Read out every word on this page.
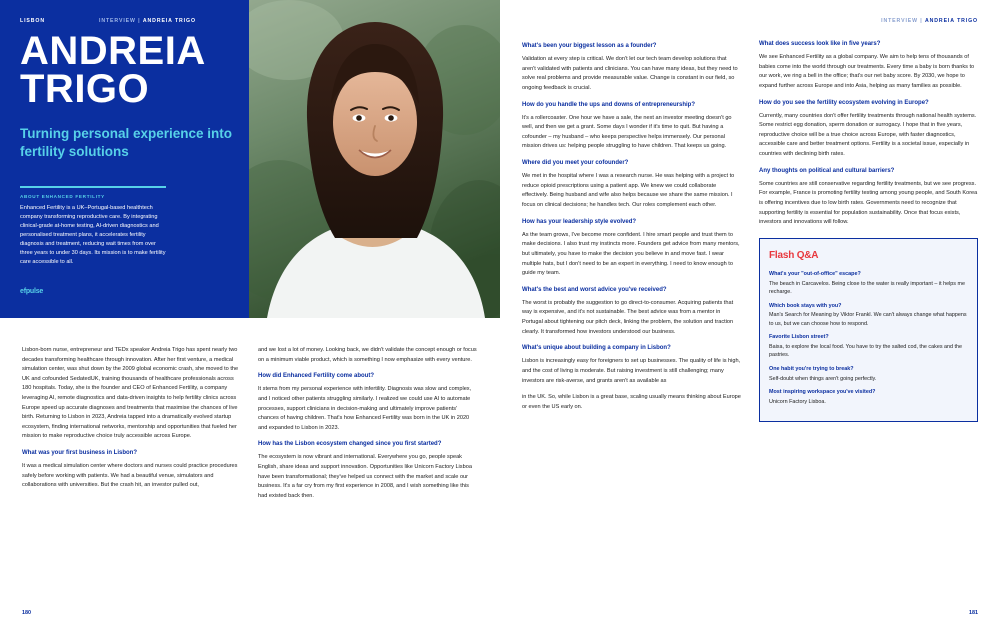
LISBON	INTERVIEW | ANDREIA TRIGO
ANDREIA
TRIGO
Turning personal experience into fertility solutions
ABOUT ENHANCED FERTILITY
Enhanced Fertility is a UK–Portugal-based healthtech company transforming reproductive care. By integrating clinical-grade at-home testing, AI-driven diagnostics and personalised treatment plans, it accelerates fertility diagnosis and treatment, reducing wait times from over three years to under 30 days. Its mission is to make fertility care accessible to all.
efpulse
Andreia Trigo, founder and CEO at Enhanced Fertility

Lisbon-born nurse, entrepreneur and TEDx speaker Andreia Trigo has spent nearly two decades transforming healthcare through innovation. After her first venture, a medical simulation center, was shut down by the 2009 global economic crash, she moved to the UK and cofounded SedatedUK, training thousands of healthcare professionals across 180 hospitals. Today, she is the founder and CEO of Enhanced Fertility, a company leveraging AI, remote diagnostics and data-driven insights to help fertility clinics across Europe speed up accurate diagnoses and treatments that maximise the chances of live birth. Returning to Lisbon in 2023, Andreia tapped into a dramatically evolved startup ecosystem, finding international networks, mentorship and opportunities that fueled her mission to make reproductive choice truly accessible across Europe.

What was your first business in Lisbon?

It was a medical simulation center where doctors and nurses could practice procedures safely before working with patients. We had a beautiful venue, simulators and collaborations with universities. But the crash hit, an investor pulled out,

and we lost a lot of money. Looking back, we didn't validate the concept enough or focus on a minimum viable product, which is something I now emphasize with every venture.

How did Enhanced Fertility come about?

It stems from my personal experience with infertility. Diagnosis was slow and complex, and I noticed other patients struggling similarly. I realized we could use AI to automate processes, support clinicians in decision-making and ultimately improve patients' chances of having children. That's how Enhanced Fertility was born in the UK in 2020 and expanded to Lisbon in 2023.

How has the Lisbon ecosystem changed since you first started?

The ecosystem is now vibrant and international. Everywhere you go, people speak English, share ideas and support innovation. Opportunities like Unicorn Factory Lisboa have been transformational; they've helped us connect with the market and scale our business. It's a far cry from my first experience in 2008, and I wish something like this had existed back then.

180
INTERVIEW | ANDREIA TRIGO
What's been your biggest lesson as a founder?

Validation at every step is critical. We don't let our tech team develop solutions that aren't validated with patients and clinicians. You can have many ideas, but they need to solve real problems and provide measurable value. Change is constant in our field, so ongoing feedback is crucial.

How do you handle the ups and downs of entrepreneurship?

It's a rollercoaster. One hour we have a sale, the next an investor meeting doesn't go well, and then we get a grant. Some days I wonder if it's time to quit. But having a cofounder – my husband – who keeps perspective helps immensely. Our personal mission drives us: helping people struggling to have children. That keeps us going.

Where did you meet your cofounder?

We met in the hospital where I was a research nurse. He was helping with a project to reduce opioid prescriptions using a patient app. We knew we could collaborate effectively. Being husband and wife also helps because we share the same mission. I focus on clinical decisions; he handles tech. Our roles complement each other.

How has your leadership style evolved?

As the team grows, I've become more confident. I hire smart people and trust them to make decisions. I also trust my instincts more. Founders get advice from many mentors, but ultimately, you have to make the decision you believe in and move fast. I wear multiple hats, but I don't need to be an expert in everything. I need to know enough to guide my team.

What's the best and worst advice you've received?

The worst is probably the suggestion to go direct-to-consumer. Acquiring patients that way is expensive, and it's not sustainable. The best advice was from a mentor in Portugal about tightening our pitch deck, linking the problem, the solution and traction clearly. It transformed how investors understood our business.

What's unique about building a company in Lisbon?

Lisbon is increasingly easy for foreigners to set up businesses. The quality of life is high, and the cost of living is moderate. But raising investment is still challenging; many investors are risk-averse, and grants aren't as available as

in the UK. So, while Lisbon is a great base, scaling usually means thinking about Europe or even the US early on.

What does success look like in five years?

We see Enhanced Fertility as a global company. We aim to help tens of thousands of babies come into the world through our treatments. Every time a baby is born thanks to our work, we ring a bell in the office; that's our net baby score. By 2030, we hope to expand further across Europe and into Asia, helping as many families as possible.

How do you see the fertility ecosystem evolving in Europe?

Currently, many countries don't offer fertility treatments through national health systems. Some restrict egg donation, sperm donation or surrogacy. I hope that in five years, reproductive choice will be a true choice across Europe, with faster diagnostics, accessible care and better treatment options. Fertility is a societal issue, especially in countries with declining birth rates.

Any thoughts on political and cultural barriers?

Some countries are still conservative regarding fertility treatments, but we see progress. For example, France is promoting fertility testing among young people, and South Korea is offering incentives due to low birth rates. Governments need to recognize that supporting fertility is essential for population sustainability. Once that focus exists, investors and innovations will follow.

Flash Q&A
What's your "out-of-office" escape?
The beach in Carcavelos. Being close to the water is really important – it helps me recharge.
Which book stays with you?
Man's Search for Meaning by Viktor Frankl. We can't always change what happens to us, but we can choose how to respond.
Favorite Lisbon street?
Baixa, to explore the local food. You have to try the salted cod, the cakes and the pastries.
One habit you're trying to break?
Self-doubt when things aren't going perfectly.
Most inspiring workspace you've visited?
Unicorn Factory Lisboa.
181
